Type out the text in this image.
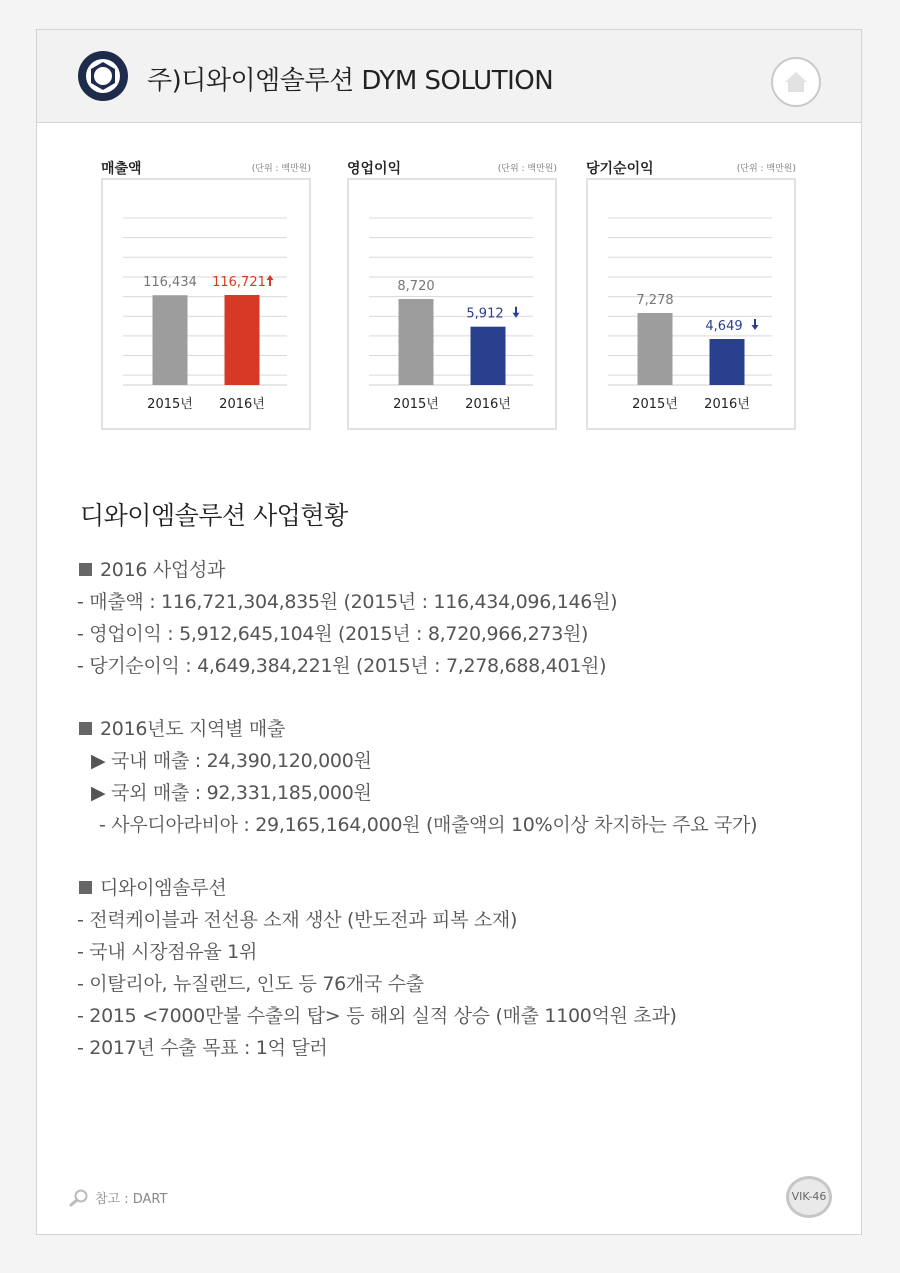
주)디와이엠솔루션 DYM SOLUTION
매출액	(단위 : 백만원)
116,434
2015년
116,721
2016년
영업이익	(단위 : 백만원)
8,720
2015년
5,912
2016년
당기순이익	(단위 : 백만원)
7,278
2015년
4,649
2016년
디와이엠솔루션 사업현황
2016 사업성과
- 매출액 : 116,721,304,835원 (2015년 : 116,434,096,146원)
- 영업이익 : 5,912,645,104원 (2015년 : 8,720,966,273원)
- 당기순이익 : 4,649,384,221원 (2015년 : 7,278,688,401원)
2016년도 지역별 매출
▶ 국내 매출 : 24,390,120,000원
▶ 국외 매출 : 92,331,185,000원
- 사우디아라비아 : 29,165,164,000원 (매출액의 10%이상 차지하는 주요 국가)
디와이엠솔루션
- 전력케이블과 전선용 소재 생산 (반도전과 피복 소재)
- 국내 시장점유율 1위
- 이탈리아, 뉴질랜드, 인도 등 76개국 수출
- 2015 <7000만불 수출의 탑> 등 해외 실적 상승 (매출 1100억원 초과)
- 2017년 수출 목표 : 1억 달러
참고 : DART	VIK-46
